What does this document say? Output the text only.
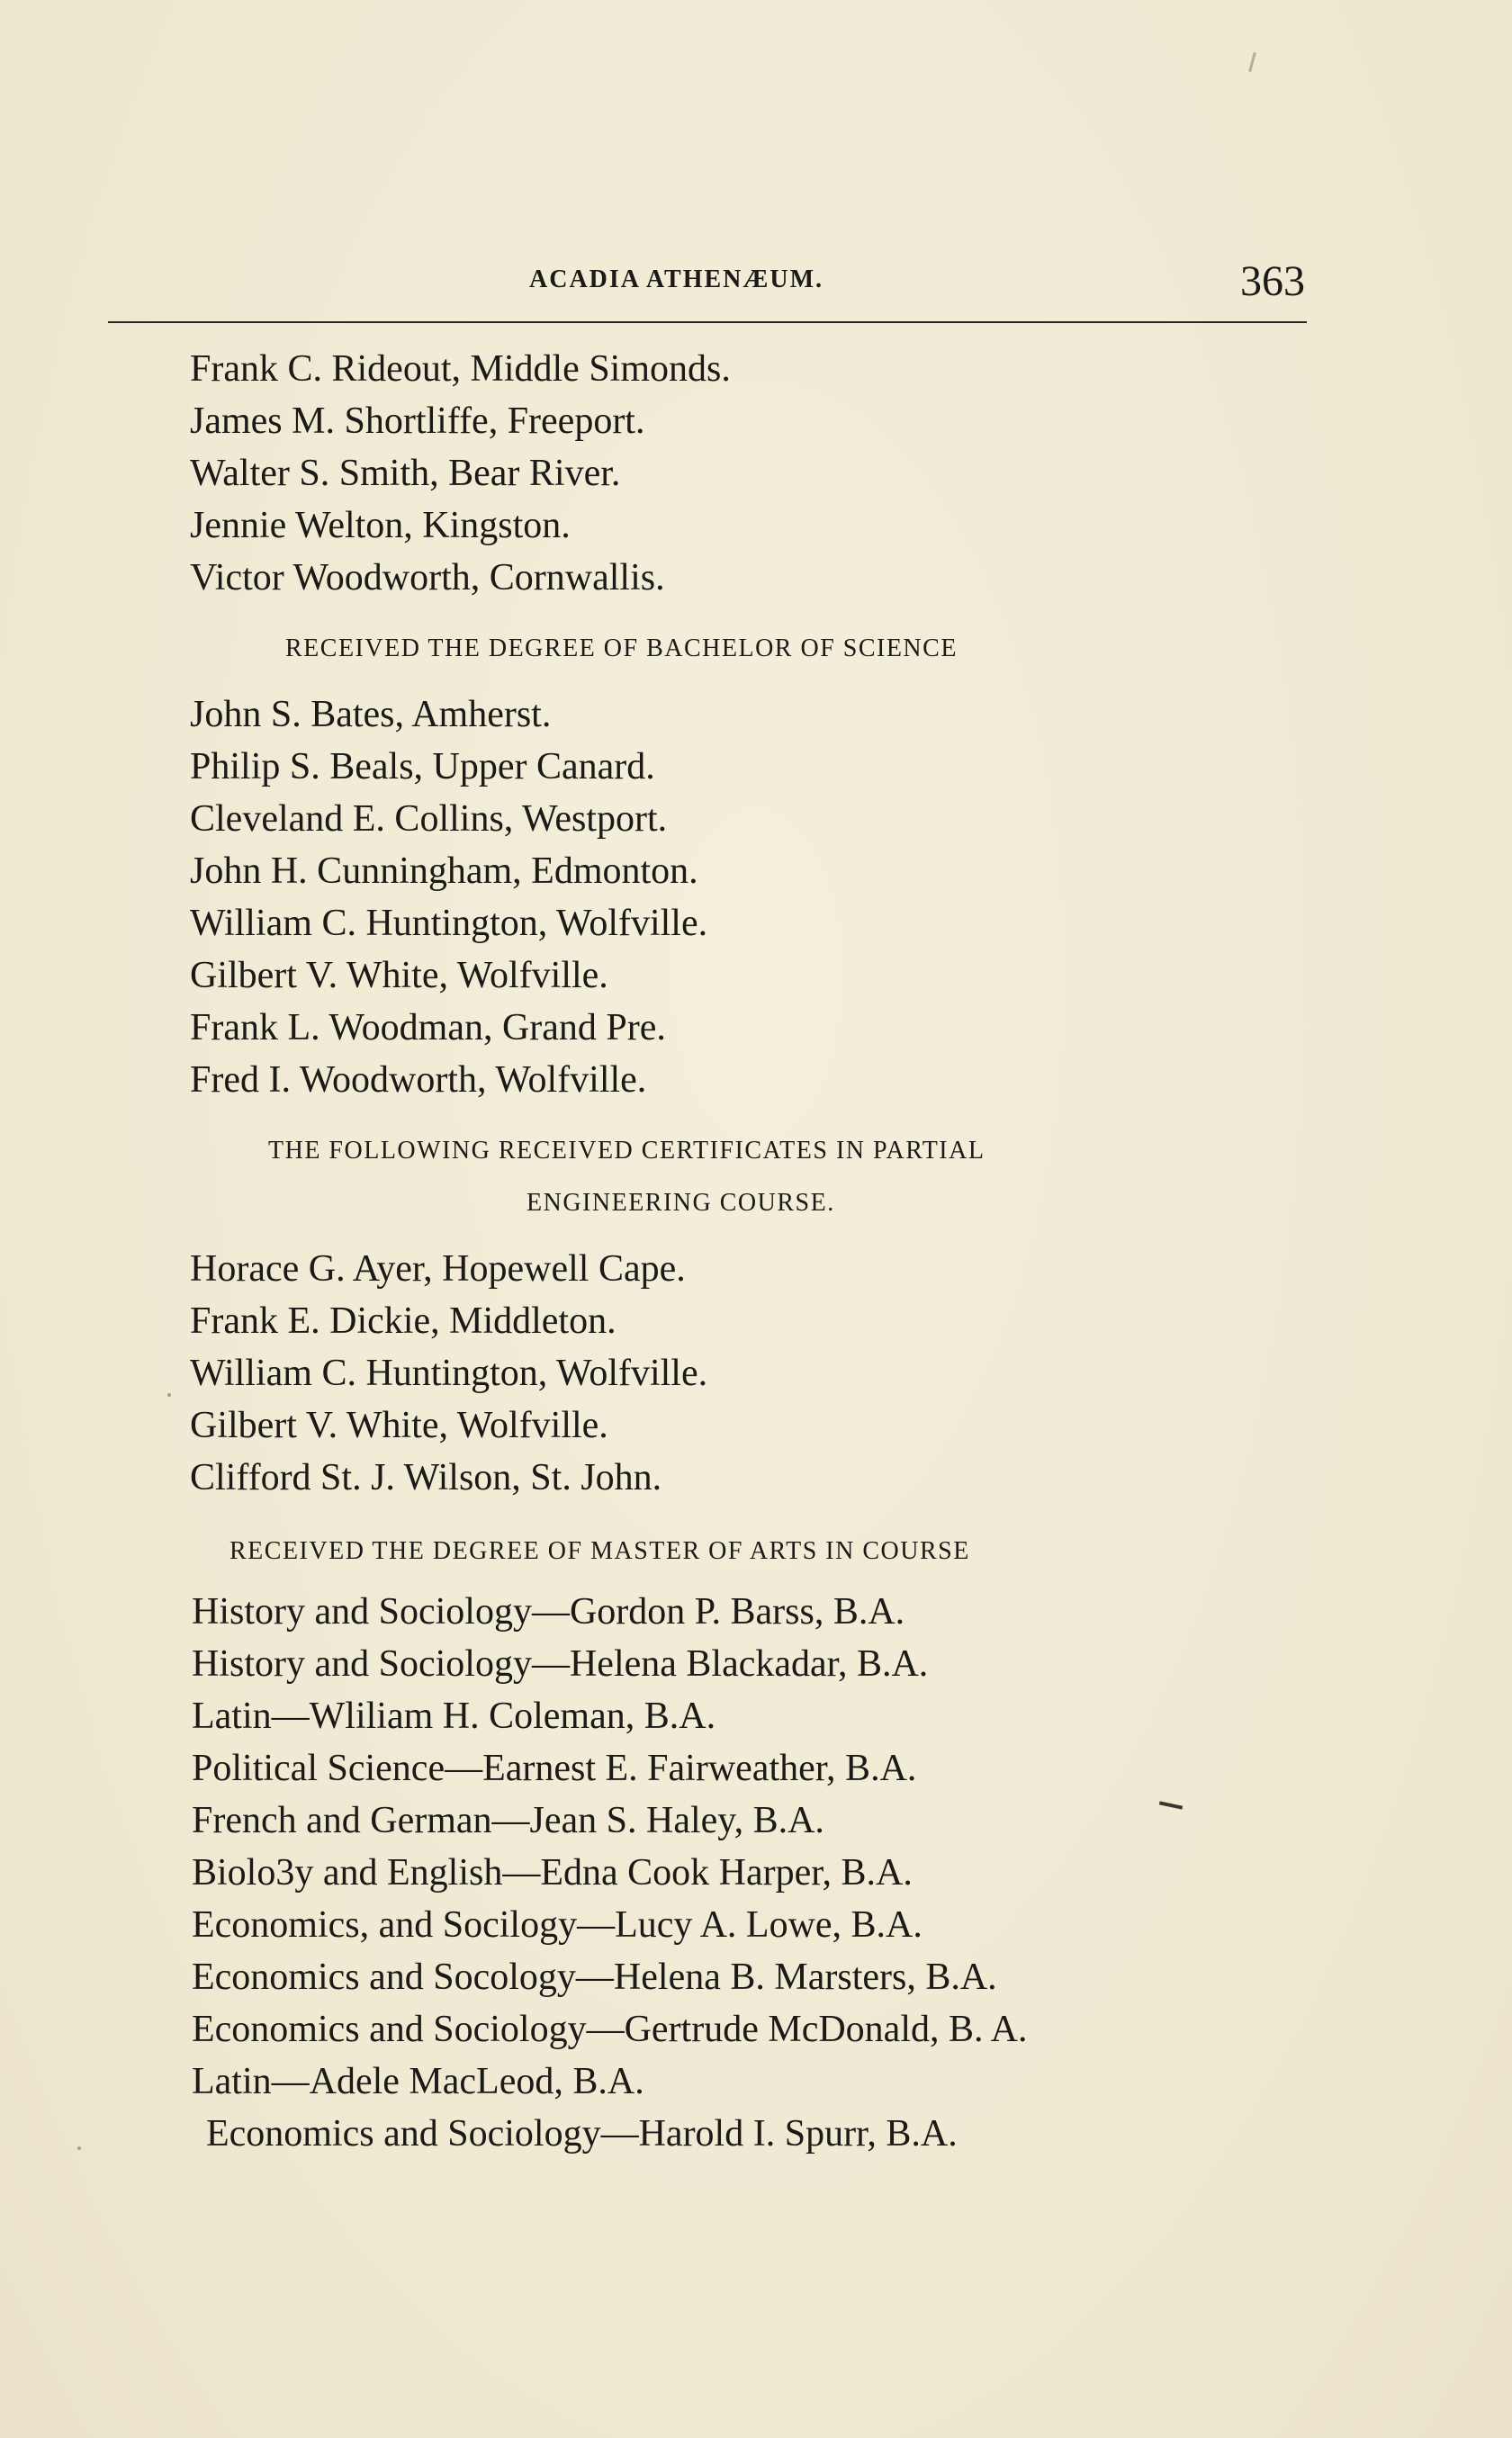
ACADIA ATHENÆUM.	363
Frank C. Rideout, Middle Simonds.
James M. Shortliffe, Freeport.
Walter S. Smith, Bear River.
Jennie Welton, Kingston.
Victor Woodworth, Cornwallis.
RECEIVED THE DEGREE OF BACHELOR OF SCIENCE
John S. Bates, Amherst.
Philip S. Beals, Upper Canard.
Cleveland E. Collins, Westport.
John H. Cunningham, Edmonton.
William C. Huntington, Wolfville.
Gilbert V. White, Wolfville.
Frank L. Woodman, Grand Pre.
Fred I. Woodworth, Wolfville.
THE FOLLOWING RECEIVED CERTIFICATES IN PARTIAL
ENGINEERING COURSE.
Horace G. Ayer, Hopewell Cape.
Frank E. Dickie, Middleton.
William C. Huntington, Wolfville.
Gilbert V. White, Wolfville.
Clifford St. J. Wilson, St. John.
RECEIVED THE DEGREE OF MASTER OF ARTS IN COURSE
History and Sociology—Gordon P. Barss, B.A.
History and Sociology—Helena Blackadar, B.A.
Latin—Wliliam H. Coleman, B.A.
Political Science—Earnest E. Fairweather, B.A.
French and German—Jean S. Haley, B.A.
Biolo3y and English—Edna Cook Harper, B.A.
Economics, and Socilogy—Lucy A. Lowe, B.A.
Economics and Socology—Helena B. Marsters, B.A.
Economics and Sociology—Gertrude McDonald, B. A.
Latin—Adele MacLeod, B.A.
Economics and Sociology—Harold I. Spurr, B.A.
